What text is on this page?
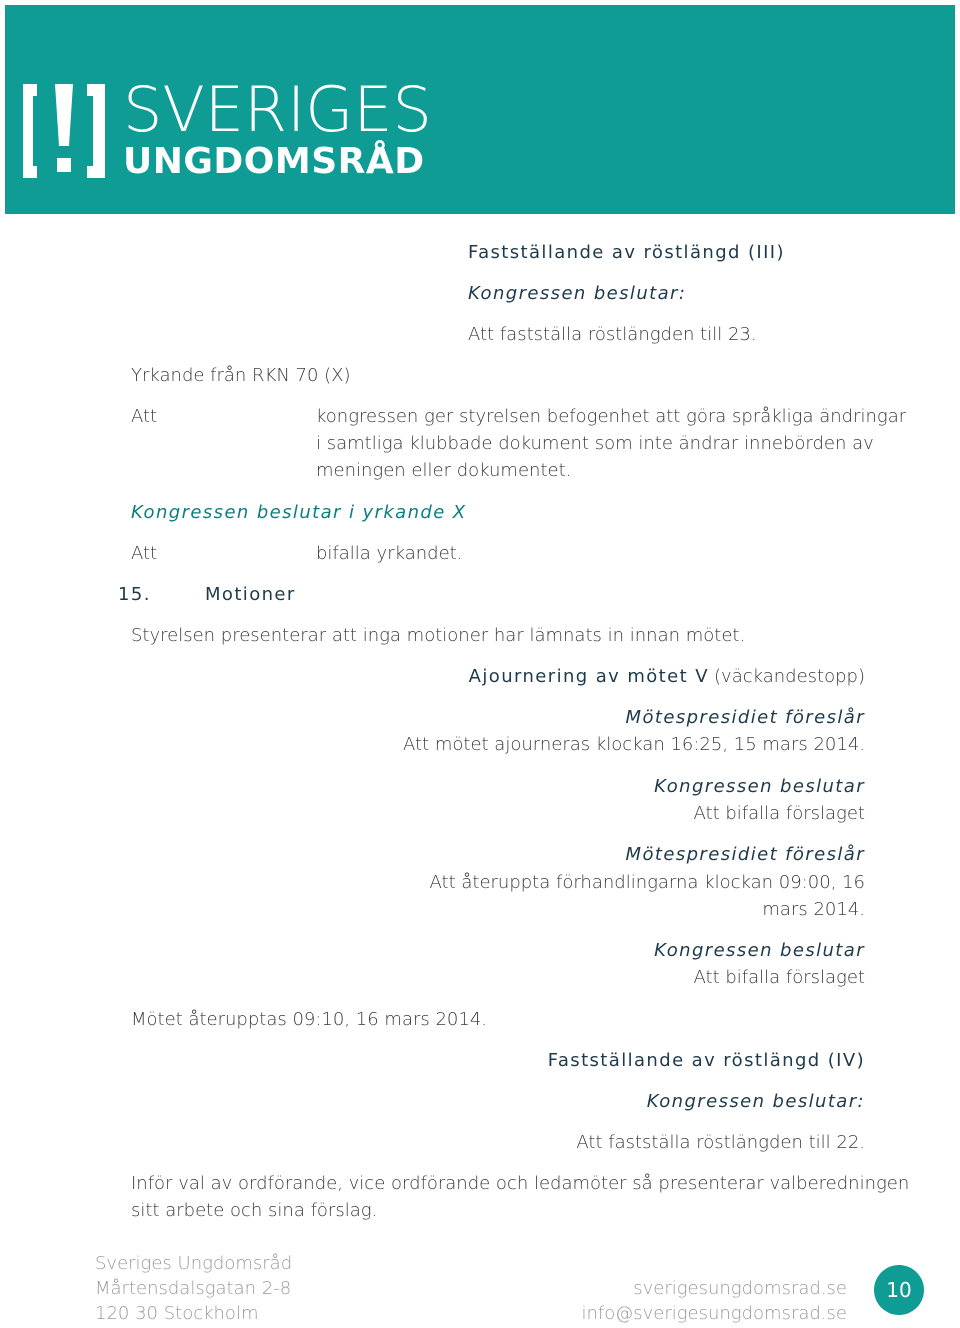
SVERIGES
UNGDOMSRÅD
Fastställande av röstlängd (III)
Kongressen beslutar:
Att fastställa röstlängden till 23.
Yrkande från RKN 70 (X)
Att	kongressen ger styrelsen befogenhet att göra språkliga ändringar
i samtliga klubbade dokument som inte ändrar innebörden av
meningen eller dokumentet.
Kongressen beslutar i yrkande X
Att	bifalla yrkandet.
15.	Motioner
Styrelsen presenterar att inga motioner har lämnats in innan mötet.
Ajournering av mötet V (väckandestopp)
Mötespresidiet föreslår
Att mötet ajourneras klockan 16:25, 15 mars 2014.
Kongressen beslutar
Att bifalla förslaget
Mötespresidiet föreslår
Att återuppta förhandlingarna klockan 09:00, 16
mars 2014.
Kongressen beslutar
Att bifalla förslaget
Mötet återupptas 09:10, 16 mars 2014.
Fastställande av röstlängd (IV)
Kongressen beslutar:
Att fastställa röstlängden till 22.
Inför val av ordförande, vice ordförande och ledamöter så presenterar valberedningen
sitt arbete och sina förslag.
Sveriges Ungdomsråd
Mårtensdalsgatan 2-8
120 30 Stockholm
sverigesungdomsrad.se
info@sverigesungdomsrad.se
10
